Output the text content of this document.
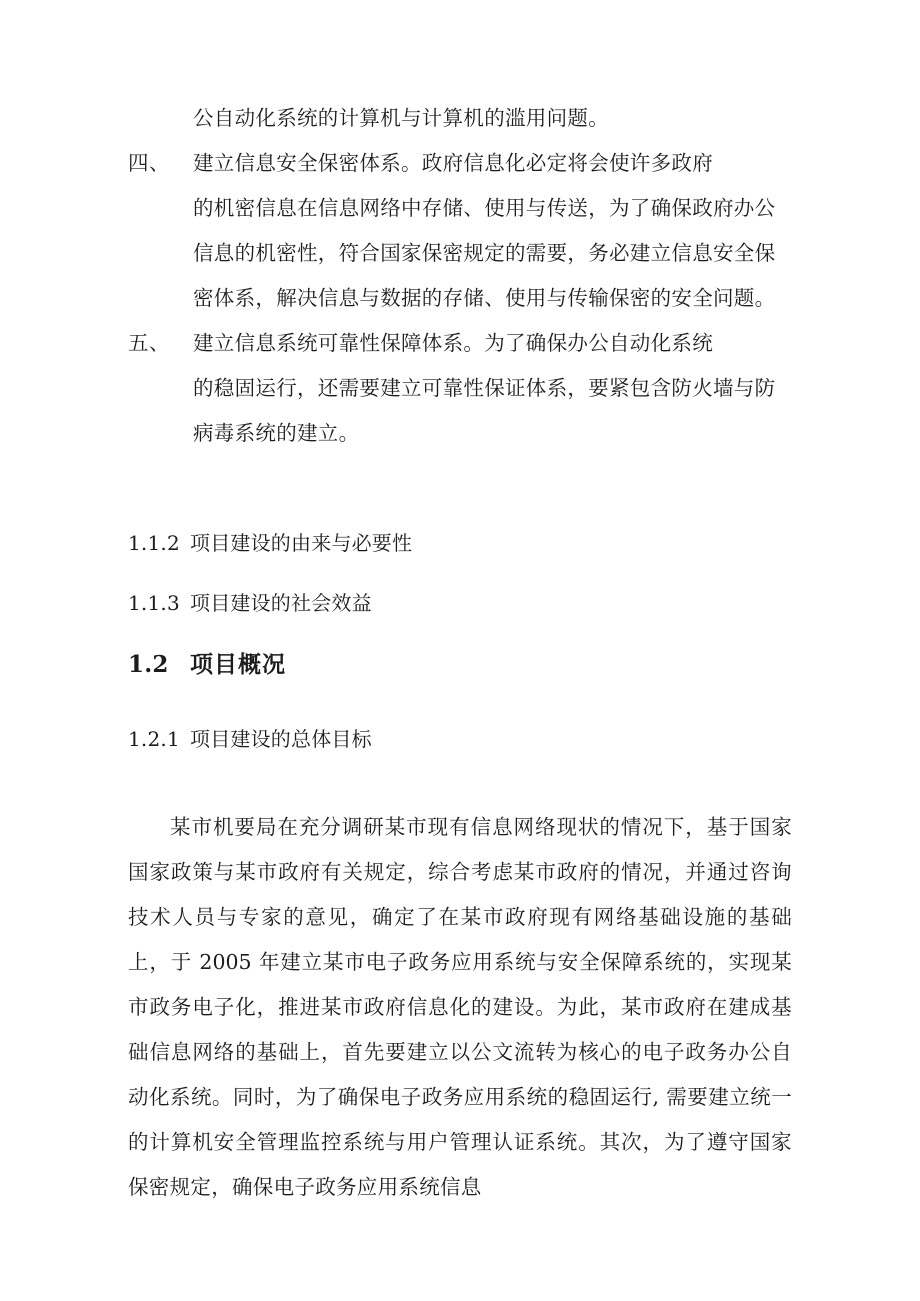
公自动化系统的计算机与计算机的滥用问题。
四、	建立信息安全保密体系。政府信息化必定将会使许多政府
的机密信息在信息网络中存储、使用与传送，为了确保政府办公
信息的机密性，符合国家保密规定的需要，务必建立信息安全保
密体系，解决信息与数据的存储、使用与传输保密的安全问题。
五、	建立信息系统可靠性保障体系。为了确保办公自动化系统
的稳固运行，还需要建立可靠性保证体系，要紧包含防火墙与防
病毒系统的建立。
1.1.2 项目建设的由来与必要性
1.1.3 项目建设的社会效益
1.2 项目概况
1.2.1 项目建设的总体目标

某市机要局在充分调研某市现有信息网络现状的情况下，基于国家国家政策与某市政府有关规定，综合考虑某市政府的情况，并通过咨询技术人员与专家的意见，确定了在某市政府现有网络基础设施的基础上，于 2005 年建立某市电子政务应用系统与安全保障系统的，实现某市政务电子化，推进某市政府信息化的建设。为此，某市政府在建成基础信息网络的基础上，首先要建立以公文流转为核心的电子政务办公自动化系统。同时，为了确保电子政务应用系统的稳固运行, 需要建立统一的计算机安全管理监控系统与用户管理认证系统。其次，为了遵守国家保密规定，确保电子政务应用系统信息
